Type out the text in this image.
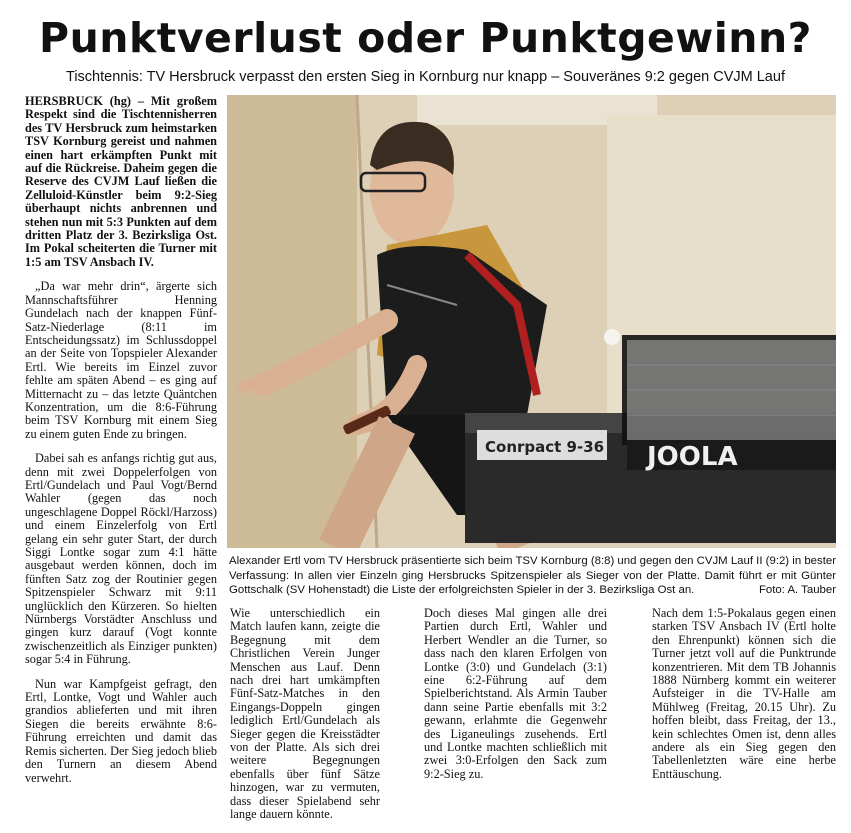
Punktverlust oder Punktgewinn?
Tischtennis: TV Hersbruck verpasst den ersten Sieg in Kornburg nur knapp – Souveränes 9:2 gegen CVJM Lauf

HERSBRUCK (hg) – Mit großem Respekt sind die Tischtennisherren des TV Hersbruck zum heimstarken TSV Kornburg gereist und nahmen einen hart erkämpften Punkt mit auf die Rückreise. Daheim gegen die Reserve des CVJM Lauf ließen die Zelluloid-Künstler beim 9:2-Sieg überhaupt nichts anbrennen und stehen nun mit 5:3 Punkten auf dem dritten Platz der 3. Bezirksliga Ost. Im Pokal scheiterten die Turner mit 1:5 am TSV Ansbach IV.

„Da war mehr drin“, ärgerte sich Mannschaftsführer Henning Gundelach nach der knappen Fünf-Satz-Niederlage (8:11 im Entscheidungssatz) im Schlussdoppel an der Seite von Topspieler Alexander Ertl. Wie bereits im Einzel zuvor fehlte am späten Abend – es ging auf Mitternacht zu – das letzte Quäntchen Konzentration, um die 8:6-Führung beim TSV Kornburg mit einem Sieg zu einem guten Ende zu bringen.

Dabei sah es anfangs richtig gut aus, denn mit zwei Doppelerfolgen von Ertl/Gundelach und Paul Vogt/Bernd Wahler (gegen das noch ungeschlagene Doppel Röckl/Harzoss) und einem Einzelerfolg von Ertl gelang ein sehr guter Start, der durch Siggi Lontke sogar zum 4:1 hätte ausgebaut werden können, doch im fünften Satz zog der Routinier gegen Spitzenspieler Schwarz mit 9:11 unglücklich den Kürzeren. So hielten Nürnbergs Vorstädter Anschluss und gingen kurz darauf (Vogt konnte zwischenzeitlich als Einziger punkten) sogar 5:4 in Führung.

Nun war Kampfgeist gefragt, den Ertl, Lontke, Vogt und Wahler auch grandios ablieferten und mit ihren Siegen die bereits erwähnte 8:6-Führung erreichten und damit das Remis sicherten. Der Sieg jedoch blieb den Turnern an diesem Abend verwehrt.

Conrpact 9-36 JOOLA
Alexander Ertl vom TV Hersbruck präsentierte sich beim TSV Kornburg (8:8) und gegen den CVJM Lauf II (9:2) in bester Verfassung: In allen vier Einzeln ging Hersbrucks Spitzenspieler als Sieger von der Platte. Damit führt er mit Günter Gottschalk (SV Hohenstadt) die Liste der erfolgreichsten Spieler in der 3. Bezirksliga Ost an.	Foto: A. Tauber

Wie unterschiedlich ein Match laufen kann, zeigte die Begegnung mit dem Christlichen Verein Junger Menschen aus Lauf. Denn nach drei hart umkämpften Fünf-Satz-Matches in den Eingangs-Doppeln gingen lediglich Ertl/Gundelach als Sieger gegen die Kreisstädter von der Platte. Als sich drei weitere Begegnungen ebenfalls über fünf Sätze hinzogen, war zu vermuten, dass dieser Spielabend sehr lange dauern könnte.

Doch dieses Mal gingen alle drei Partien durch Ertl, Wahler und Herbert Wendler an die Turner, so dass nach den klaren Erfolgen von Lontke (3:0) und Gundelach (3:1) eine 6:2-Führung auf dem Spielberichtstand. Als Armin Tauber dann seine Partie ebenfalls mit 3:2 gewann, erlahmte die Gegenwehr des Liganeulings zusehends. Ertl und Lontke machten schließlich mit zwei 3:0-Erfolgen den Sack zum 9:2-Sieg zu.

Nach dem 1:5-Pokalaus gegen einen starken TSV Ansbach IV (Ertl holte den Ehrenpunkt) können sich die Turner jetzt voll auf die Punktrunde konzentrieren. Mit dem TB Johannis 1888 Nürnberg kommt ein weiterer Aufsteiger in die TV-Halle am Mühlweg (Freitag, 20.15 Uhr). Zu hoffen bleibt, dass Freitag, der 13., kein schlechtes Omen ist, denn alles andere als ein Sieg gegen den Tabellenletzten wäre eine herbe Enttäuschung.
